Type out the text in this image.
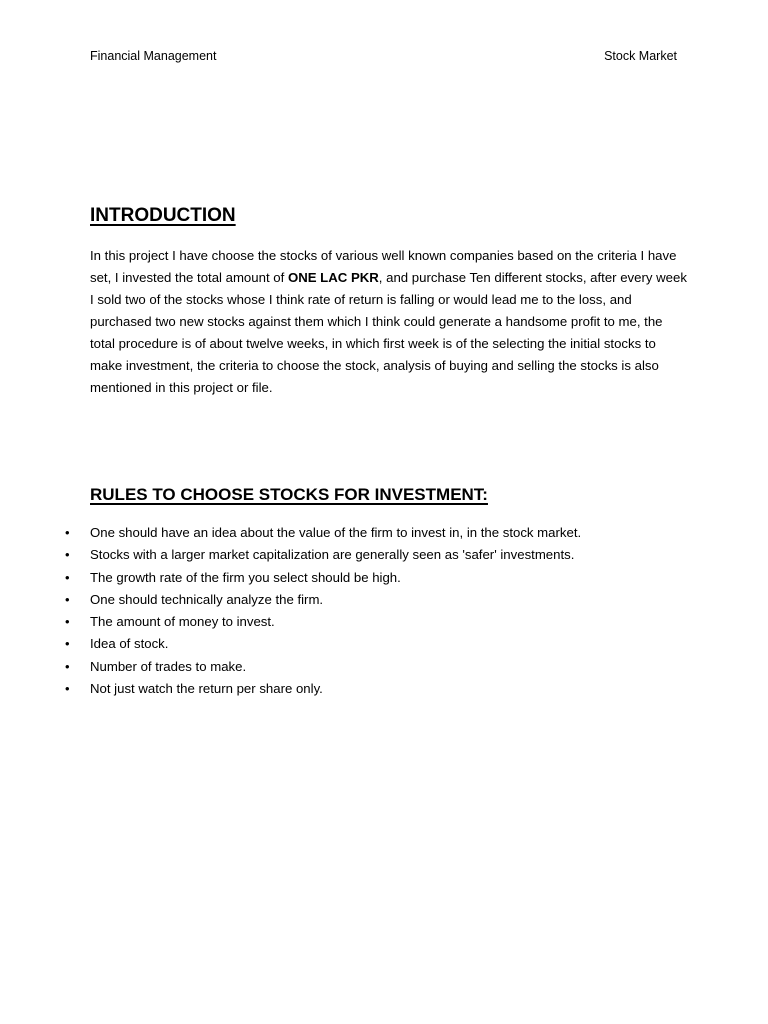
Financial Management	Stock Market
INTRODUCTION

In this project I have choose the stocks of various well known companies based on the criteria I have set, I invested the total amount of ONE LAC PKR, and purchase Ten different stocks, after every week I sold two of the stocks whose I think rate of return is falling or would lead me to the loss, and purchased two new stocks against them which I think could generate a handsome profit to me, the total procedure is of about twelve weeks, in which first week is of the selecting the initial stocks to make investment, the criteria to choose the stock, analysis of buying and selling the stocks is also mentioned in this project or file.

RULES TO CHOOSE STOCKS FOR INVESTMENT:
• One should have an idea about the value of the firm to invest in, in the stock market.
• Stocks with a larger market capitalization are generally seen as 'safer' investments.
• The growth rate of the firm you select should be high.
• One should technically analyze the firm.
• The amount of money to invest.
• Idea of stock.
• Number of trades to make.
• Not just watch the return per share only.
